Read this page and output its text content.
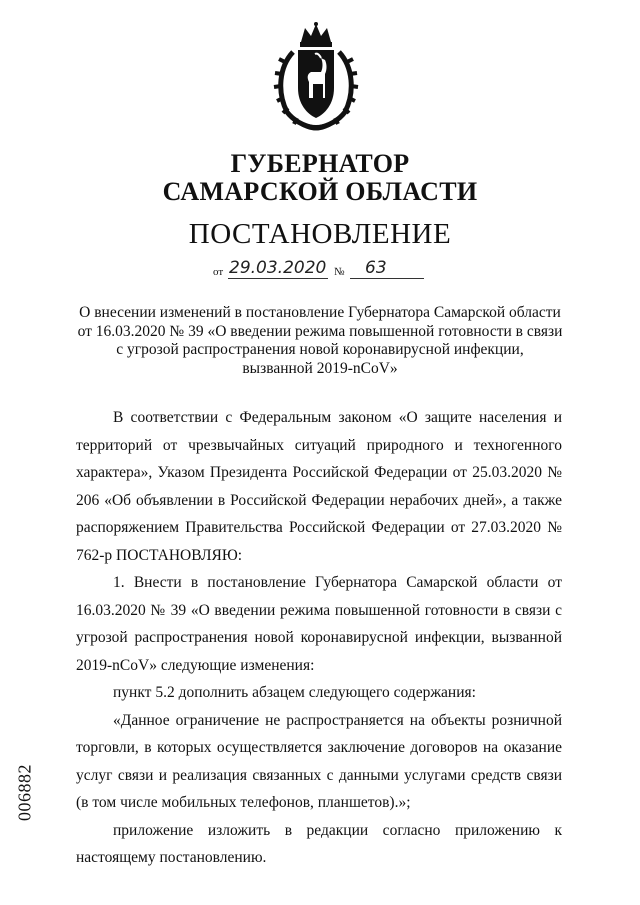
ГУБЕРНАТОР
САМАРСКОЙ ОБЛАСТИ
ПОСТАНОВЛЕНИЕ
от 29.03.2020 № 63
О внесении изменений в постановление Губернатора Самарской области
от 16.03.2020 № 39 «О введении режима повышенной готовности в связи
с угрозой распространения новой коронавирусной инфекции,
вызванной 2019-nCoV»

В соответствии с Федеральным законом «О защите населения и территорий от чрезвычайных ситуаций природного и техногенного характера», Указом Президента Российской Федерации от 25.03.2020 № 206 «Об объявлении в Российской Федерации нерабочих дней», а также распоряжением Правительства Российской Федерации от 27.03.2020 № 762-р ПОСТАНОВЛЯЮ:

1. Внести в постановление Губернатора Самарской области от 16.03.2020 № 39 «О введении режима повышенной готовности в связи с угрозой распространения новой коронавирусной инфекции, вызванной 2019-nCoV» следующие изменения:

пункт 5.2 дополнить абзацем следующего содержания:

«Данное ограничение не распространяется на объекты розничной торговли, в которых осуществляется заключение договоров на оказание услуг связи и реализация связанных с данными услугами средств связи (в том числе мобильных телефонов, планшетов).»;

приложение изложить в редакции согласно приложению к настоящему постановлению.

006882
